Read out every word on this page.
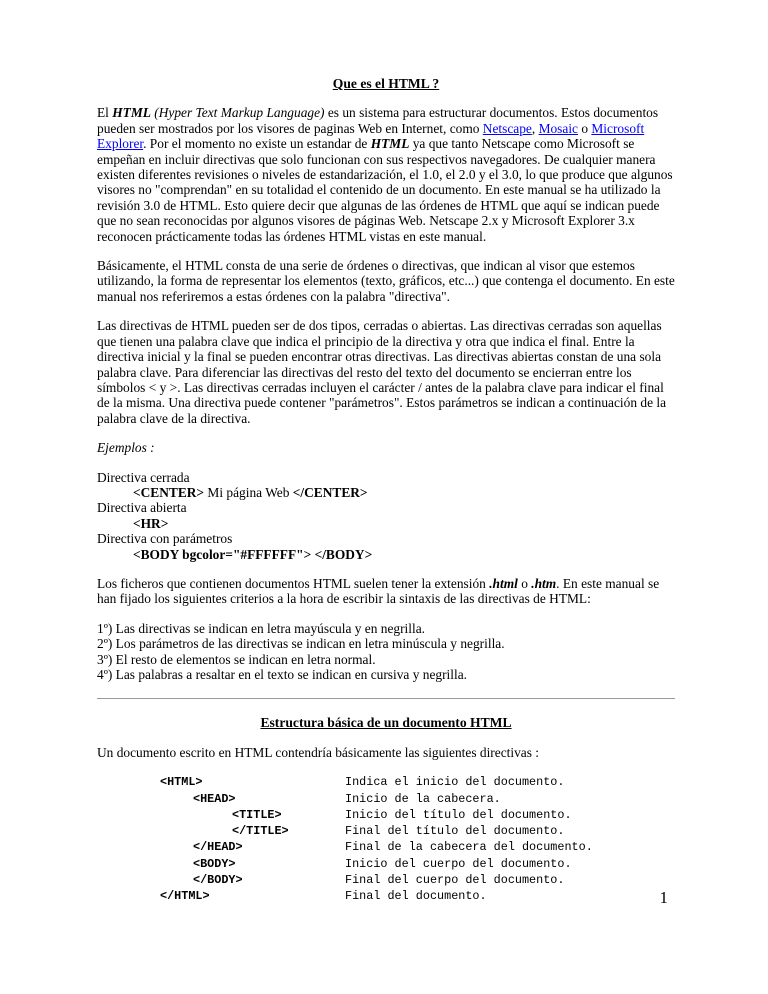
Que es el HTML ?

El HTML (Hyper Text Markup Language) es un sistema para estructurar documentos. Estos documentos pueden ser mostrados por los visores de paginas Web en Internet, como Netscape, Mosaic o Microsoft Explorer. Por el momento no existe un estandar de HTML ya que tanto Netscape como Microsoft se empeñan en incluir directivas que solo funcionan con sus respectivos navegadores. De cualquier manera existen diferentes revisiones o niveles de estandarización, el 1.0, el 2.0 y el 3.0, lo que produce que algunos visores no "comprendan" en su totalidad el contenido de un documento. En este manual se ha utilizado la revisión 3.0 de HTML. Esto quiere decir que algunas de las órdenes de HTML que aquí se indican puede que no sean reconocidas por algunos visores de páginas Web. Netscape 2.x y Microsoft Explorer 3.x reconocen prácticamente todas las órdenes HTML vistas en este manual.

Básicamente, el HTML consta de una serie de órdenes o directivas, que indican al visor que estemos utilizando, la forma de representar los elementos (texto, gráficos, etc...) que contenga el documento. En este manual nos referiremos a estas órdenes con la palabra "directiva".

Las directivas de HTML pueden ser de dos tipos, cerradas o abiertas. Las directivas cerradas son aquellas que tienen una palabra clave que indica el principio de la directiva y otra que indica el final. Entre la directiva inicial y la final se pueden encontrar otras directivas. Las directivas abiertas constan de una sola palabra clave. Para diferenciar las directivas del resto del texto del documento se encierran entre los símbolos < y >. Las directivas cerradas incluyen el carácter / antes de la palabra clave para indicar el final de la misma. Una directiva puede contener "parámetros". Estos parámetros se indican a continuación de la palabra clave de la directiva.

Ejemplos :

Directiva cerrada
<CENTER> Mi página Web </CENTER>
Directiva abierta
<HR>
Directiva con parámetros
<BODY bgcolor="#FFFFFF"> </BODY>

Los ficheros que contienen documentos HTML suelen tener la extensión .html o .htm. En este manual se han fijado los siguientes criterios a la hora de escribir la sintaxis de las directivas de HTML:

1º) Las directivas se indican en letra mayúscula y en negrilla.
2º) Los parámetros de las directivas se indican en letra minúscula y negrilla.
3º) El resto de elementos se indican en letra normal.
4º) Las palabras a resaltar en el texto se indican en cursiva y negrilla.
Estructura básica de un documento HTML

Un documento escrito en HTML contendría básicamente las siguientes directivas :

<HTML>	Indica el inicio del documento.
<HEAD>	Inicio de la cabecera.
<TITLE>	Inicio del título del documento.
</TITLE>	Final del título del documento.
</HEAD>	Final de la cabecera del documento.
<BODY>	Inicio del cuerpo del documento.
</BODY>	Final del cuerpo del documento.
</HTML>	Final del documento.	1
